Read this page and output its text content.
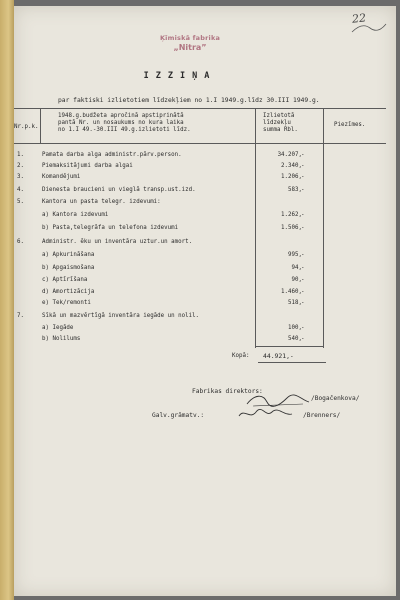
Ķīmiskā fabrika
„Nitra”
22
IZZIŅA
par faktiski izlietotiem līdzekļiem no 1.I 1949.g.līdz 30.III 1949.g.
Nr.p.k.
1948.g.budžeta apročinā apstiprinātā
pantā Nr. un nosaukums no kura laika
no 1.I 49.-30.III 49.g.izlietoti līdz.
Izlietotā
līdzekļu
summa Rbl.
Piezīmes.
1.	Pamata darba alga administr.pārv.person.	34.207, -
2.	Piemaksitājumi darba algai	2.340, -
3.	Komandējumi	1.206, -
4.	Dienesta braucieni un vieglā transp.ust.izd.	583, -
5.	Kantora un pasta telegr. izdevumi:
a) Kantora izdevumi	1.262, -
b) Pasta,telegrāfa un telefona izdevumi	1.506, -
6.	Administr. ēku un inventāra uztur.un amort.
a) Apkurināšana	995, -
b) Apgaismošana	94, -
c) Aptīrīšana	90, -
d) Amortizācija	1.460, -
e) Tek/remonti	518, -
7.	Sīkā un mazvērtīgā inventāra iegāde un nolil.
a) Iegāde	100, -
b) Nolilums	540, -
Kopā: 44.921,-
Fabrikas direktors:
/Bogačenkova/
Galv.grāmatv.:	/Brenners/
